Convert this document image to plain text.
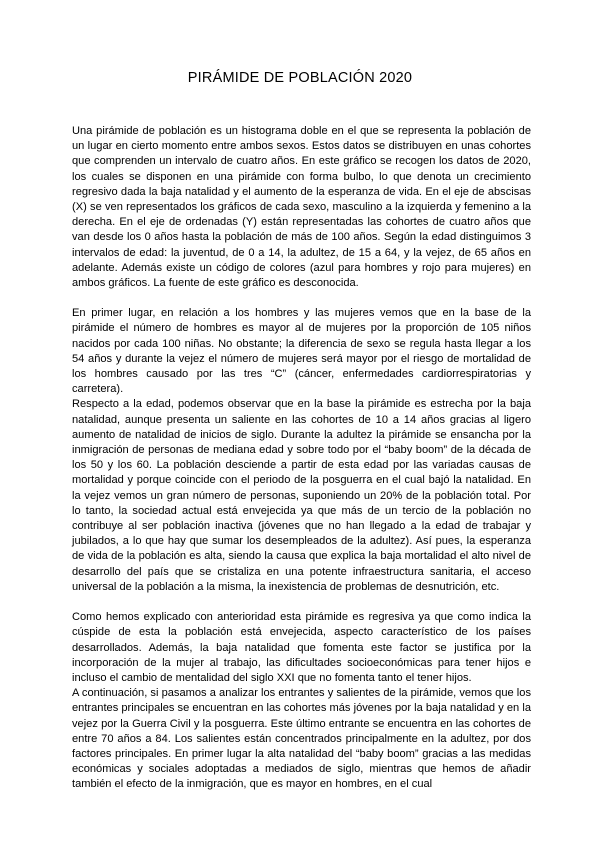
PIRÁMIDE DE POBLACIÓN 2020

Una pirámide de población es un histograma doble en el que se representa la población de un lugar en cierto momento entre ambos sexos. Estos datos se distribuyen en unas cohortes que comprenden un intervalo de cuatro años. En este gráfico se recogen los datos de 2020, los cuales se disponen en una pirámide con forma bulbo, lo que denota un crecimiento regresivo dada la baja natalidad y el aumento de la esperanza de vida. En el eje de abscisas (X) se ven representados los gráficos de cada sexo, masculino a la izquierda y femenino a la derecha. En el eje de ordenadas (Y) están representadas las cohortes de cuatro años que van desde los 0 años hasta la población de más de 100 años. Según la edad distinguimos 3 intervalos de edad: la juventud, de 0 a 14, la adultez, de 15 a 64, y la vejez, de 65 años en adelante. Además existe un código de colores (azul para hombres y rojo para mujeres) en ambos gráficos. La fuente de este gráfico es desconocida.

En primer lugar, en relación a los hombres y las mujeres vemos que en la base de la pirámide el número de hombres es mayor al de mujeres por la proporción de 105 niños nacidos por cada 100 niñas. No obstante; la diferencia de sexo se regula hasta llegar a los 54 años y durante la vejez el número de mujeres será mayor por el riesgo de mortalidad de los hombres causado por las tres “C” (cáncer, enfermedades cardiorrespiratorias y carretera).

Respecto a la edad, podemos observar que en la base la pirámide es estrecha por la baja natalidad, aunque presenta un saliente en las cohortes de 10 a 14 años gracias al ligero aumento de natalidad de inicios de siglo. Durante la adultez la pirámide se ensancha por la inmigración de personas de mediana edad y sobre todo por el “baby boom” de la década de los 50 y los 60. La población desciende a partir de esta edad por las variadas causas de mortalidad y porque coincide con el periodo de la posguerra en el cual bajó la natalidad. En la vejez vemos un gran número de personas, suponiendo un 20% de la población total. Por lo tanto, la sociedad actual está envejecida ya que más de un tercio de la población no contribuye al ser población inactiva (jóvenes que no han llegado a la edad de trabajar y jubilados, a lo que hay que sumar los desempleados de la adultez). Así pues, la esperanza de vida de la población es alta, siendo la causa que explica la baja mortalidad el alto nivel de desarrollo del país que se cristaliza en una potente infraestructura sanitaria, el acceso universal de la población a la misma, la inexistencia de problemas de desnutrición, etc.

Como hemos explicado con anterioridad esta pirámide es regresiva ya que como indica la cúspide de esta la población está envejecida, aspecto característico de los países desarrollados. Además, la baja natalidad que fomenta este factor se justifica por la incorporación de la mujer al trabajo, las dificultades socioeconómicas para tener hijos e incluso el cambio de mentalidad del siglo XXI que no fomenta tanto el tener hijos.

A continuación, si pasamos a analizar los entrantes y salientes de la pirámide, vemos que los entrantes principales se encuentran en las cohortes más jóvenes por la baja natalidad y en la vejez por la Guerra Civil y la posguerra. Este último entrante se encuentra en las cohortes de entre 70 años a 84. Los salientes están concentrados principalmente en la adultez, por dos factores principales. En primer lugar la alta natalidad del “baby boom” gracias a las medidas económicas y sociales adoptadas a mediados de siglo, mientras que hemos de añadir también el efecto de la inmigración, que es mayor en hombres, en el cual
